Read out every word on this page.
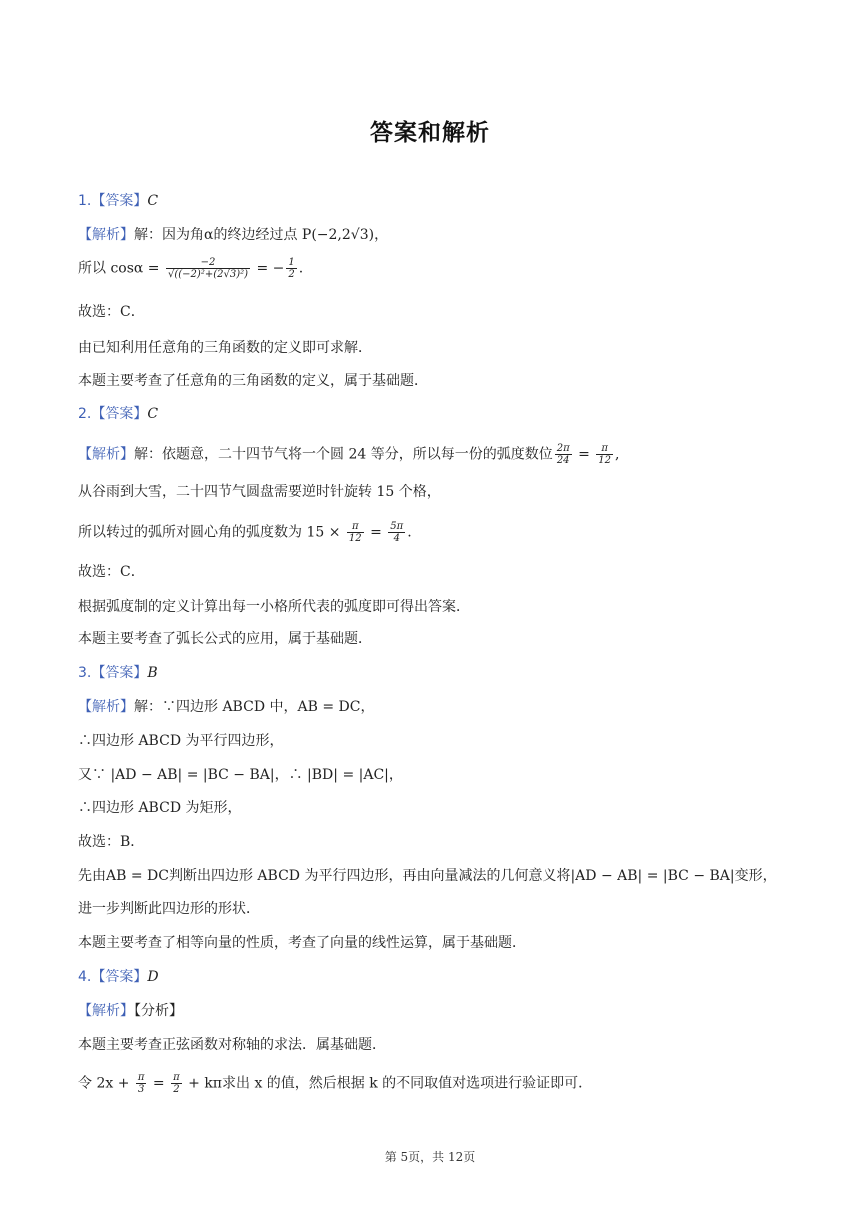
答案和解析
1.【答案】C
【解析】解：因为角α的终边经过点 P(−2,2√3)，
所以 $\cos\alpha = \frac{-2}{\text{√((−2)²+(2√3)²)}}$ = − $\frac{1}{2}$ .
故选：C．
由已知利用任意角的三角函数的定义即可求解．
本题主要考查了任意角的三角函数的定义，属于基础题．
2.【答案】C
【解析】解：依题意，二十四节气将一个圆 24 等分，所以每一份的弧度数位 $\frac{2\pi}{24} = \frac{\pi}{12}$ ,
从谷雨到大雪，二十四节气圆盘需要逆时针旋转 15 个格，
所以转过的弧所对圆心角的弧度数为 $15 \times \frac{\pi}{12} = \frac{5\pi}{4}$ .
故选：C．
根据弧度制的定义计算出每一小格所代表的弧度即可得出答案．
本题主要考查了弧长公式的应用，属于基础题．
3.【答案】B
【解析】解：∵四边形 ABCD 中，AB = DC，
∴四边形 ABCD 为平行四边形，
又∵ |AD − AB| = |BC − BA|，∴ |BD| = |AC|，
∴四边形 ABCD 为矩形，
故选：B．
先由AB = DC判断出四边形 ABCD 为平行四边形，再由向量减法的几何意义将|AD − AB| = |BC − BA|变形，
进一步判断此四边形的形状．
本题主要考查了相等向量的性质，考查了向量的线性运算，属于基础题．
4.【答案】D
【解析】【分析】
本题主要考查正弦函数对称轴的求法．属基础题．
令 $2x + \frac{\pi}{3} = \frac{\pi}{2} + k\pi$求出 x 的值，然后根据 k 的不同取值对选项进行验证即可．
第 5页，共 12页
